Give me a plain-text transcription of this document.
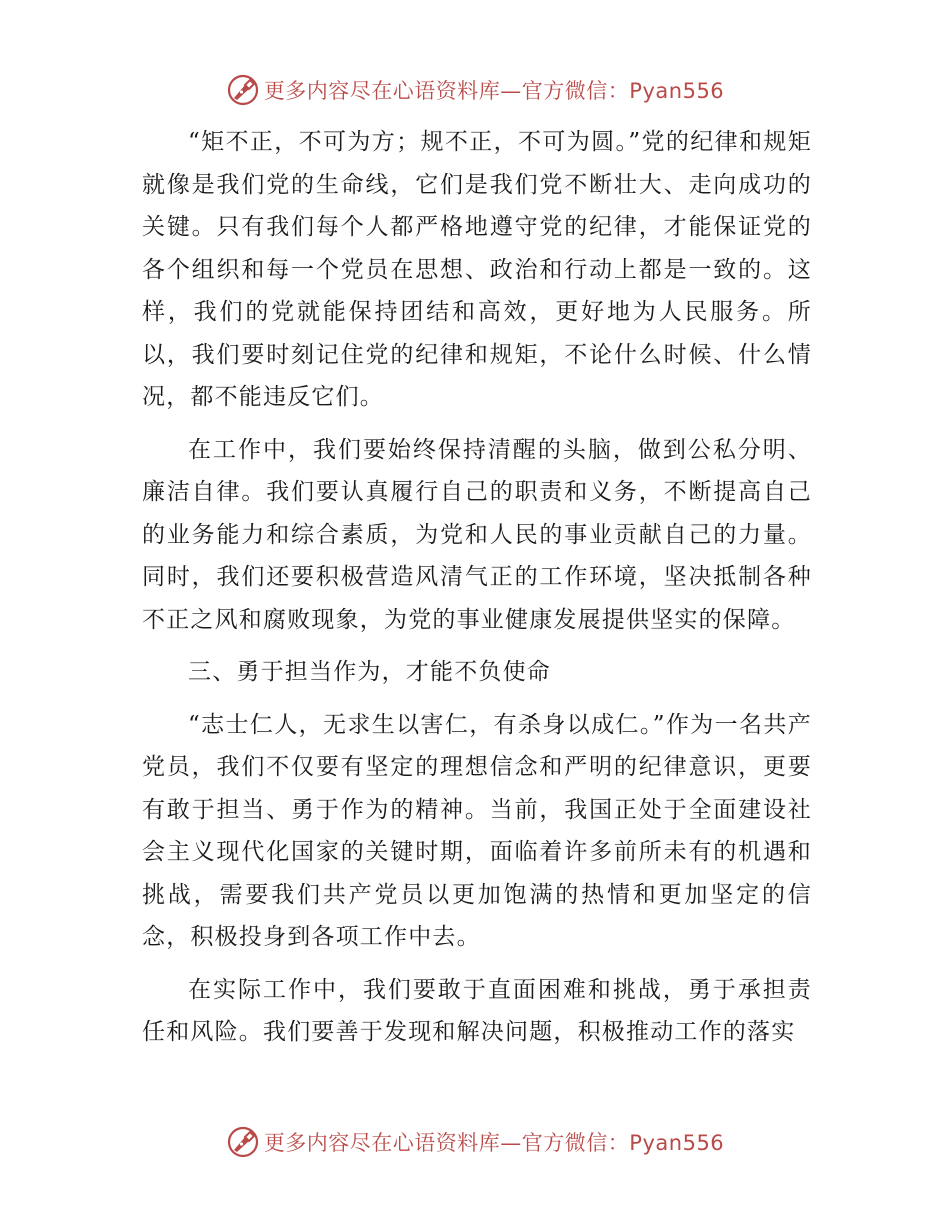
更多内容尽在心语资料库—官方微信：Pyan556

“矩不正，不可为方；规不正，不可为圆。”党的纪律和规矩就像是我们党的生命线，它们是我们党不断壮大、走向成功的关键。只有我们每个人都严格地遵守党的纪律，才能保证党的各个组织和每一个党员在思想、政治和行动上都是一致的。这样，我们的党就能保持团结和高效，更好地为人民服务。所以，我们要时刻记住党的纪律和规矩，不论什么时候、什么情况，都不能违反它们。

在工作中，我们要始终保持清醒的头脑，做到公私分明、廉洁自律。我们要认真履行自己的职责和义务，不断提高自己的业务能力和综合素质，为党和人民的事业贡献自己的力量。同时，我们还要积极营造风清气正的工作环境，坚决抵制各种不正之风和腐败现象，为党的事业健康发展提供坚实的保障。

三、勇于担当作为，才能不负使命

“志士仁人，无求生以害仁，有杀身以成仁。”作为一名共产党员，我们不仅要有坚定的理想信念和严明的纪律意识，更要有敢于担当、勇于作为的精神。当前，我国正处于全面建设社会主义现代化国家的关键时期，面临着许多前所未有的机遇和挑战，需要我们共产党员以更加饱满的热情和更加坚定的信念，积极投身到各项工作中去。

在实际工作中，我们要敢于直面困难和挑战，勇于承担责任和风险。我们要善于发现和解决问题，积极推动工作的落实

更多内容尽在心语资料库—官方微信：Pyan556
